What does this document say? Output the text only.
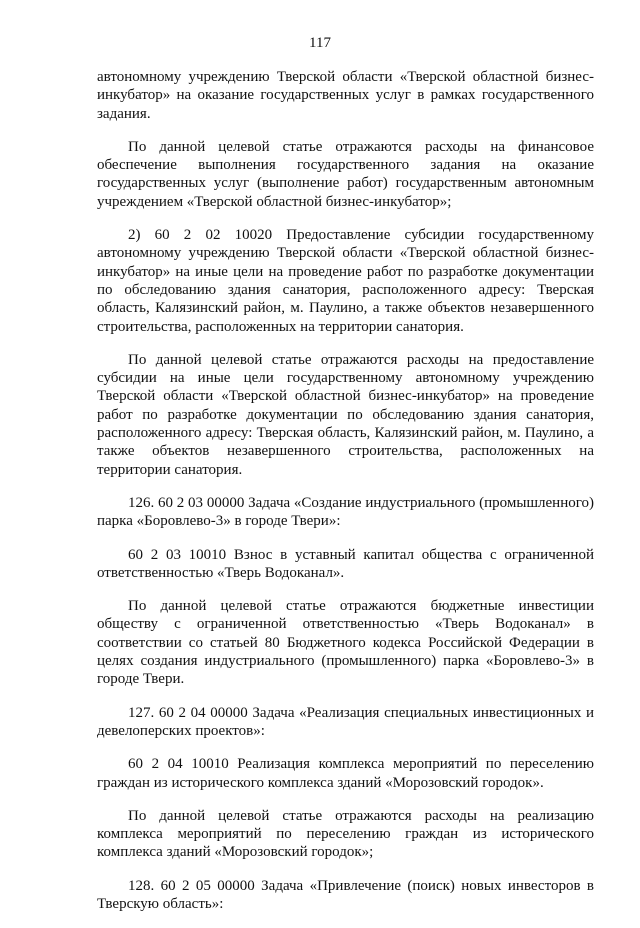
117

автономному учреждению Тверской области «Тверской областной бизнес-инкубатор» на оказание государственных услуг в рамках государственного задания.

По данной целевой статье отражаются расходы на финансовое обеспечение выполнения государственного задания на оказание государственных услуг (выполнение работ) государственным автономным учреждением «Тверской областной бизнес-инкубатор»;

2) 60 2 02 10020 Предоставление субсидии государственному автономному учреждению Тверской области «Тверской областной бизнес-инкубатор» на иные цели на проведение работ по разработке документации по обследованию здания санатория, расположенного адресу: Тверская область, Калязинский район, м. Паулино, а также объектов незавершенного строительства, расположенных на территории санатория.

По данной целевой статье отражаются расходы на предоставление субсидии на иные цели государственному автономному учреждению Тверской области «Тверской областной бизнес-инкубатор» на проведение работ по разработке документации по обследованию здания санатория, расположенного адресу: Тверская область, Калязинский район, м. Паулино, а также объектов незавершенного строительства, расположенных на территории санатория.

126. 60 2 03 00000 Задача «Создание индустриального (промышленного) парка «Боровлево-3» в городе Твери»:

60 2 03 10010 Взнос в уставный капитал общества с ограниченной ответственностью «Тверь Водоканал».

По данной целевой статье отражаются бюджетные инвестиции обществу с ограниченной ответственностью «Тверь Водоканал» в соответствии со статьей 80 Бюджетного кодекса Российской Федерации в целях создания индустриального (промышленного) парка «Боровлево-3» в городе Твери.

127. 60 2 04 00000 Задача «Реализация специальных инвестиционных и девелоперских проектов»:

60 2 04 10010 Реализация комплекса мероприятий по переселению граждан из исторического комплекса зданий «Морозовский городок».

По данной целевой статье отражаются расходы на реализацию комплекса мероприятий по переселению граждан из исторического комплекса зданий «Морозовский городок»;

128. 60 2 05 00000 Задача «Привлечение (поиск) новых инвесторов в Тверскую область»:
